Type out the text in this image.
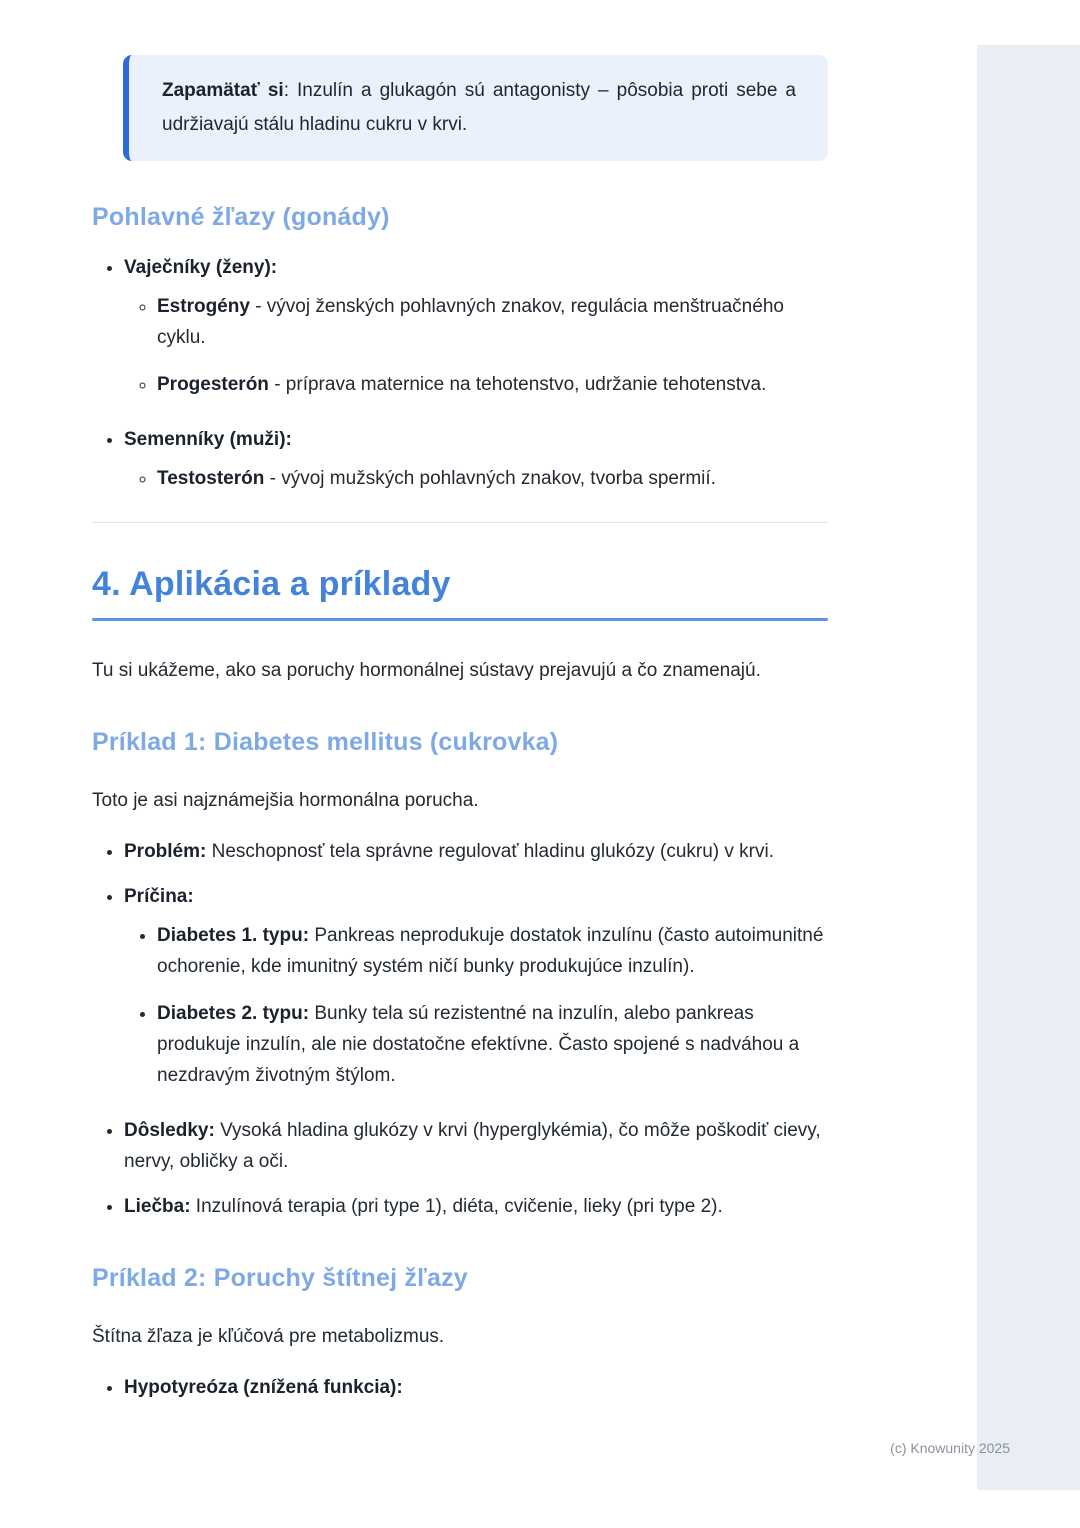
Zapamätať si: Inzulín a glukagón sú antagonisty – pôsobia proti sebe a udržiavajú stálu hladinu cukru v krvi.
Pohlavné žľazy (gonády)
• Vaječníky (ženy):
◦ Estrogény - vývoj ženských pohlavných znakov, regulácia menštruačného cyklu.
◦ Progesterón - príprava maternice na tehotenstvo, udržanie tehotenstva.
• Semenníky (muži):
◦ Testosterón - vývoj mužských pohlavných znakov, tvorba spermií.
4. Aplikácia a príklady
Tu si ukážeme, ako sa poruchy hormonálnej sústavy prejavujú a čo znamenajú.
Príklad 1: Diabetes mellitus (cukrovka)
Toto je asi najznámejšia hormonálna porucha.
• Problém: Neschopnosť tela správne regulovať hladinu glukózy (cukru) v krvi.
• Príčina:
• Diabetes 1. typu: Pankreas neprodukuje dostatok inzulínu (často autoimunitné ochorenie, kde imunitný systém ničí bunky produkujúce inzulín).
• Diabetes 2. typu: Bunky tela sú rezistentné na inzulín, alebo pankreas produkuje inzulín, ale nie dostatočne efektívne. Často spojené s nadváhou a nezdravým životným štýlom.
• Dôsledky: Vysoká hladina glukózy v krvi (hyperglykémia), čo môže poškodiť cievy, nervy, obličky a oči.
• Liečba: Inzulínová terapia (pri type 1), diéta, cvičenie, lieky (pri type 2).
Príklad 2: Poruchy štítnej žľazy
Štítna žľaza je kľúčová pre metabolizmus.
• Hypotyreóza (znížená funkcia):
(c) Knowunity 2025
